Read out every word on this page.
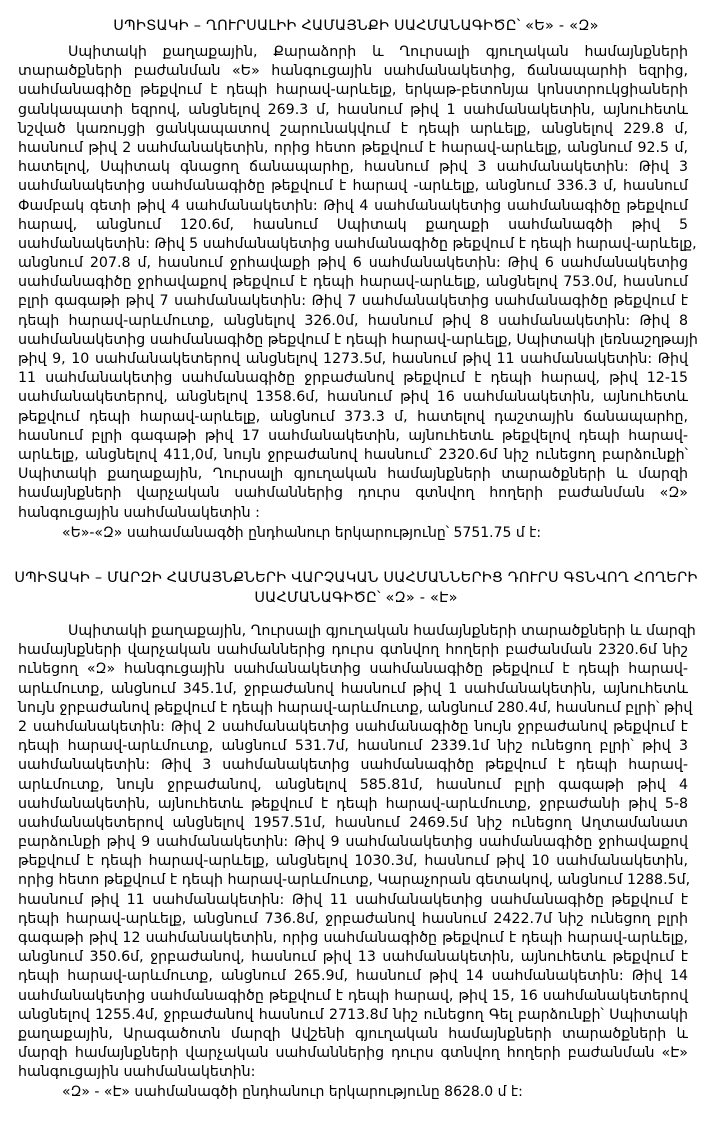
ՍՊԻՏԱԿԻ – ՂՈՒՐՍԱԼԻԻ ՀԱՄԱՅՆՔԻ ՍԱՀՄԱՆԱԳԻԾԸ՝ «Ե» - «Զ»
Սպիտակի քաղաքային, Քարաձորի և Ղուրսալի գյուղական համայնքների
տարածքների բաժանման «Ե» հանգուցային սահմանակետից, ճանապարհի եզրից,
սահմանագիծը թեքվում է դեպի հարավ-արևելք, երկաթ-բետոնյա կոնստրուկցիաների
ցանկապատի եզրով, անցնելով 269.3 մ, հասնում թիվ 1 սահմանակետին, այնուհետև
նշված կառույցի ցանկապատով շարունակվում է դեպի արևելք, անցնելով 229.8 մ,
հասնում թիվ 2 սահմանակետին, որից հետո թեքվում է հարավ-արևելք, անցնում 92.5 մ,
հատելով, Սպիտակ գնացող ճանապարհը, հասնում թիվ 3 սահմանակետին: Թիվ 3
սահմանակետից սահմանագիծը թեքվում է հարավ -արևելք, անցնում 336.3 մ, հասնում
Փամբակ գետի թիվ 4 սահմանակետին: Թիվ 4 սահմանակետից սահմանագիծը թեքվում
հարավ, անցնում 120.6մ, հասնում Սպիտակ քաղաքի սահմանագծի թիվ 5
սահմանակետին: Թիվ 5 սահմանակետից սահմանագիծը թեքվում է դեպի հարավ-արևելք,
անցնում 207.8 մ, հասնում ջրհավաքի թիվ 6 սահմանակետին: Թիվ 6 սահմանակետից
սահմանագիծը ջրհավաքով թեքվում է դեպի հարավ-արևելք, անցնելով 753.0մ, հասնում
բլրի գագաթի թիվ 7 սահմանակետին: Թիվ 7 սահմանակետից սահմանագիծը թեքվում է
դեպի հարավ-արևմուտք, անցնելով 326.0մ, հասնում թիվ 8 սահմանակետին: Թիվ 8
սահմանակետից սահմանագիծը թեքվում է դեպի հարավ-արևելք, Սպիտակի լեռնաշղթայի
թիվ 9, 10 սահմանակետերով անցնելով 1273.5մ, հասնում թիվ 11 սահմանակետին: Թիվ
11 սահմանակետից սահմանագիծը ջրբաժանով թեքվում է դեպի հարավ, թիվ 12-15
սահմանակետերով, անցնելով 1358.6մ, հասնում թիվ 16 սահմանակետին, այնուհետև
թեքվում դեպի հարավ-արևելք, անցնում 373.3 մ, հատելով դաշտային ճանապարհը,
հասնում բլրի գագաթի թիվ 17 սահմանակետին, այնուհետև թեքվելով դեպի հարավ-
արևելք, անցնելով 411,0մ, նույն ջրբաժանով հասնում՝ 2320.6մ նիշ ունեցող բարձունքի՝
Սպիտակի քաղաքային, Ղուրսալի գյուղական համայնքների տարածքների և մարզի
համայնքների վարչական սահմաններից դուրս գտնվող հողերի բաժանման «Զ»
հանգուցային սահմանակետին :
«Ե»-«Զ» սահամանագծի ընդհանուր երկարությունը՝ 5751.75 մ է:
ՍՊԻՏԱԿԻ – ՄԱՐԶԻ ՀԱՄԱՅՆՔՆԵՐԻ ՎԱՐՉԱԿԱՆ ՍԱՀՄԱՆՆԵՐԻՑ ԴՈՒՐՍ ԳՏՆՎՈՂ ՀՈՂԵՐԻ
ՍԱՀՄԱՆԱԳԻԾԸ՝ «Զ» - «Է»
Սպիտակի քաղաքային, Ղուրսալի գյուղական համայնքների տարածքների և մարզի
համայնքների վարչական սահմաններից դուրս գտնվող հողերի բաժանման 2320.6մ նիշ
ունեցող «Զ» հանգուցային սահմանակետից սահմանագիծը թեքվում է դեպի հարավ-
արևմուտք, անցնում 345.1մ, ջրբաժանով հասնում թիվ 1 սահմանակետին, այնուհետև
նույն ջրբաժանով թեքվում է դեպի հարավ-արևմուտք, անցնում 280.4մ, հասնում բլրի՝ թիվ
2 սահմանակետին: Թիվ 2 սահմանակետից սահմանագիծը նույն ջրբաժանով թեքվում է
դեպի հարավ-արևմուտք, անցնում 531.7մ, հասնում 2339.1մ նիշ ունեցող բլրի՝ թիվ 3
սահմանակետին: Թիվ 3 սահմանակետից սահմանագիծը թեքվում է դեպի հարավ-
արևմուտք, նույն ջրբաժանով, անցնելով 585.81մ, հասնում բլրի գագաթի թիվ 4
սահմանակետին, այնուհետև թեքվում է դեպի հարավ-արևմուտք, ջրբաժանի թիվ 5-8
սահմանակետերով անցնելով 1957.51մ, հասնում 2469.5մ նիշ ունեցող Աղտամանատ
բարձունքի թիվ 9 սահմանակետին: Թիվ 9 սահմանակետից սահմանագիծը ջրհավաքով
թեքվում է դեպի հարավ-արևելք, անցնելով 1030.3մ, հասնում թիվ 10 սահմանակետին,
որից հետո թեքվում է դեպի հարավ-արևմուտք, Կարաչորան գետակով, անցնում 1288.5մ,
հասնում թիվ 11 սահմանակետին: Թիվ 11 սահմանակետից սահմանագիծը թեքվում է
դեպի հարավ-արևելք, անցնում 736.8մ, ջրբաժանով հասնում 2422.7մ նիշ ունեցող բլրի
գագաթի թիվ 12 սահմանակետին, որից սահմանագիծը թեքվում է դեպի հարավ-արևելք,
անցնում 350.6մ, ջրբաժանով, հասնում թիվ 13 սահմանակետին, այնուհետև թեքվում է
դեպի հարավ-արևմուտք, անցնում 265.9մ, հասնում թիվ 14 սահմանակետին: Թիվ 14
սահմանակետից սահմանագիծը թեքվում է դեպի հարավ, թիվ 15, 16 սահմանակետերով
անցնելով 1255.4մ, ջրբաժանով հասնում 2713.8մ նիշ ունեցող Գել բարձունքի՝ Սպիտակի
քաղաքային, Արագածոտն մարզի Ավշենի գյուղական համայնքների տարածքների և
մարզի համայնքների վարչական սահմաններից դուրս գտնվող հողերի բաժանման «Է»
հանգուցային սահմանակետին:
«Զ» - «Է» սահմանագծի ընդհանուր երկարությունը 8628.0 մ է:
